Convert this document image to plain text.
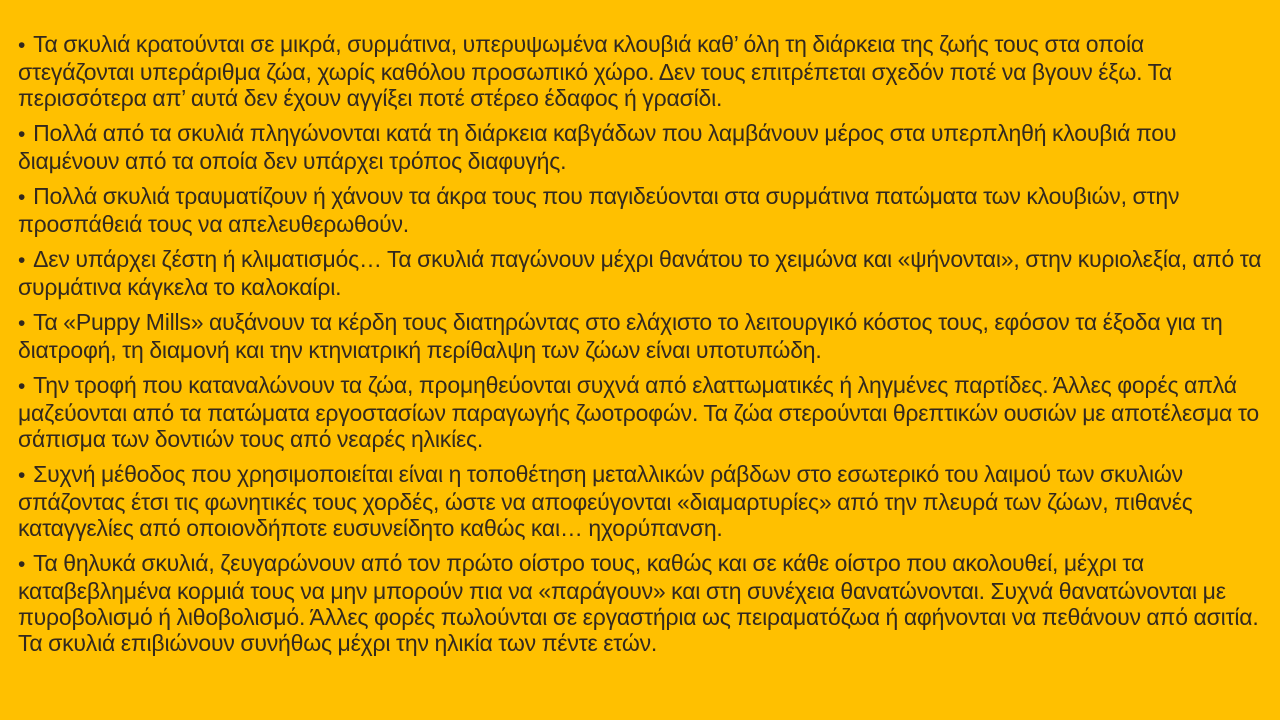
• Τα σκυλιά κρατούνται σε μικρά, συρμάτινα, υπερυψωμένα κλουβιά καθ’ όλη τη διάρκεια της ζωής τους στα οποία στεγάζονται υπεράριθμα ζώα, χωρίς καθόλου προσωπικό χώρο. Δεν τους επιτρέπεται σχεδόν ποτέ να βγουν έξω. Τα περισσότερα απ’ αυτά δεν έχουν αγγίξει ποτέ στέρεο έδαφος ή γρασίδι.

• Πολλά από τα σκυλιά πληγώνονται κατά τη διάρκεια καβγάδων που λαμβάνουν μέρος στα υπερπληθή κλουβιά που διαμένουν από τα οποία δεν υπάρχει τρόπος διαφυγής.

• Πολλά σκυλιά τραυματίζουν ή χάνουν τα άκρα τους που παγιδεύονται στα συρμάτινα πατώματα των κλουβιών, στην προσπάθειά τους να απελευθερωθούν.

• Δεν υπάρχει ζέστη ή κλιματισμός… Τα σκυλιά παγώνουν μέχρι θανάτου το χειμώνα και «ψήνονται», στην κυριολεξία, από τα συρμάτινα κάγκελα το καλοκαίρι.

• Τα «Puppy Mills» αυξάνουν τα κέρδη τους διατηρώντας στο ελάχιστο το λειτουργικό κόστος τους, εφόσον τα έξοδα για τη διατροφή, τη διαμονή και την κτηνιατρική περίθαλψη των ζώων είναι υποτυπώδη.

• Την τροφή που καταναλώνουν τα ζώα, προμηθεύονται συχνά από ελαττωματικές ή ληγμένες παρτίδες. Άλλες φορές απλά μαζεύονται από τα πατώματα εργοστασίων παραγωγής ζωοτροφών. Τα ζώα στερούνται θρεπτικών ουσιών με αποτέλεσμα το σάπισμα των δοντιών τους από νεαρές ηλικίες.

• Συχνή μέθοδος που χρησιμοποιείται είναι η τοποθέτηση μεταλλικών ράβδων στο εσωτερικό του λαιμού των σκυλιών σπάζοντας έτσι τις φωνητικές τους χορδές, ώστε να αποφεύγονται «διαμαρτυρίες» από την πλευρά των ζώων, πιθανές καταγγελίες από οποιονδήποτε ευσυνείδητο καθώς και… ηχορύπανση.

• Τα θηλυκά σκυλιά, ζευγαρώνουν από τον πρώτο οίστρο τους, καθώς και σε κάθε οίστρο που ακολουθεί, μέχρι τα καταβεβλημένα κορμιά τους να μην μπορούν πια να «παράγουν» και στη συνέχεια θανατώνονται. Συχνά θανατώνονται με πυροβολισμό ή λιθοβολισμό. Άλλες φορές πωλούνται σε εργαστήρια ως πειραματόζωα ή αφήνονται να πεθάνουν από ασιτία. Τα σκυλιά επιβιώνουν συνήθως μέχρι την ηλικία των πέντε ετών.
